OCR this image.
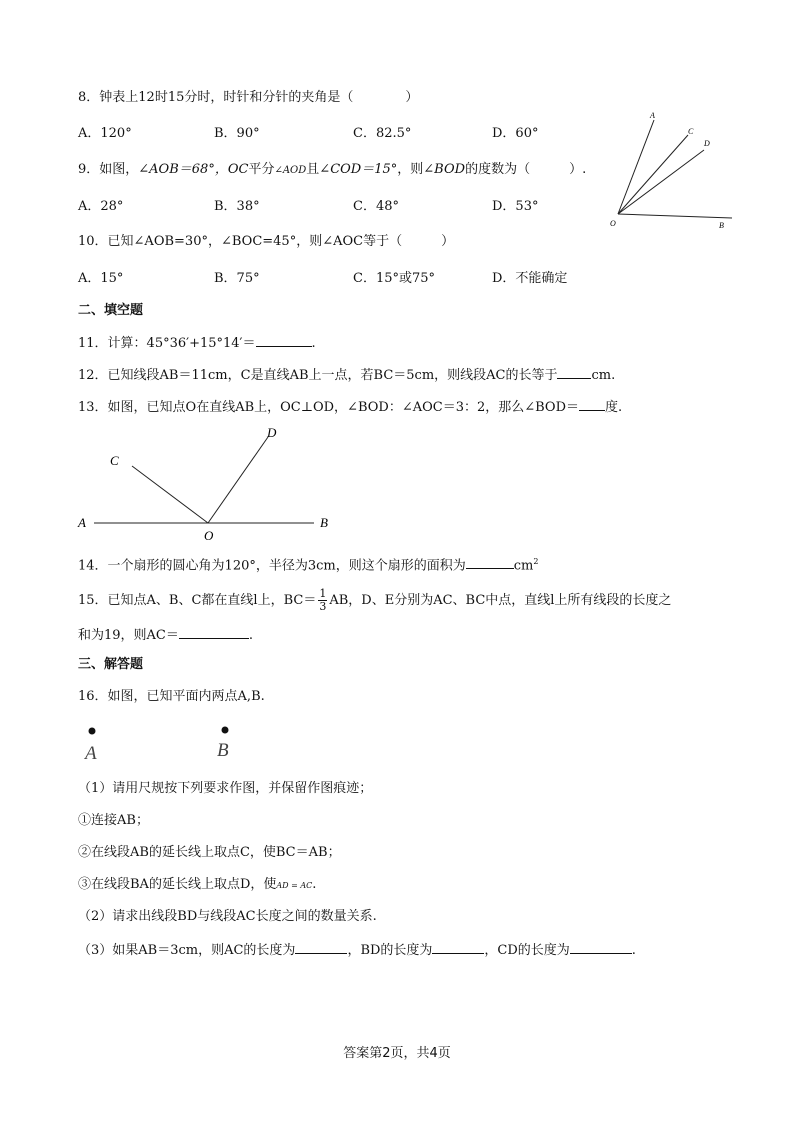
8．钟表上12时15分时，时针和分针的夹角是（　　　　）
A．120°	B．90°	C．82.5°	D．60°
A
C
D
O	B
9．如图，∠AOB＝68°，OC平分∠AOD且∠COD＝15°，则∠BOD的度数为（　　　）.
A．28°	B．38°	C．48°	D．53°
10．已知∠AOB=30°，∠BOC=45°，则∠AOC等于（　　　）
A．15°	B．75°	C．15°或75°	D．不能确定
二、填空题
11．计算：45°36′+15°14′＝	.
12．已知线段AB＝11cm，C是直线AB上一点，若BC＝5cm，则线段AC的长等于	cm.
13．如图，已知点O在直线AB上，OC⊥OD，∠BOD：∠AOC＝3：2，那么∠BOD＝ 度.
C
D
A
O
B
14．一个扇形的圆心角为120°，半径为3cm，则这个扇形的面积为	$cm^2$
15．已知点A、B、C都在直线l上，$BC= \frac{1}{3}$ AB，D、E分别为AC、BC中点，直线l上所有线段的长度之
和为19，则AC＝	.
三、解答题
16．如图，已知平面内两点A,B.
A	B
（1）请用尺规按下列要求作图，并保留作图痕迹；
①连接AB；
②在线段AB的延长线上取点C，使BC＝AB；
③在线段BA的延长线上取点D，使AD = AC.
（2）请求出线段BD与线段AC长度之间的数量关系.
（3）如果AB＝3cm，则AC的长度为	，BD的长度为	，CD的长度为	.
答案第2页，共4页
